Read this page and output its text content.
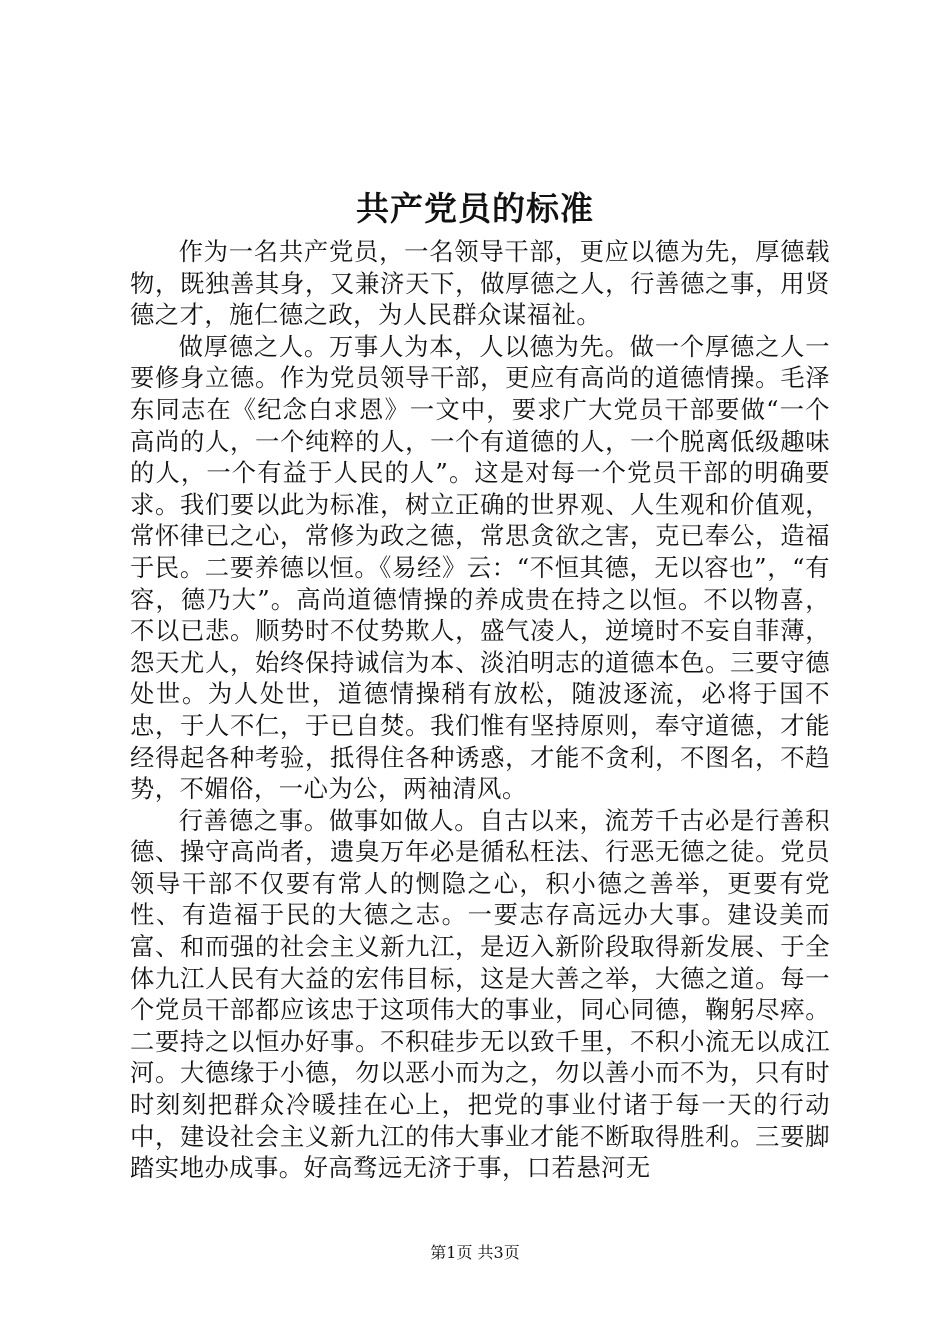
共产党员的标准

作为一名共产党员，一名领导干部，更应以德为先，厚德载物，既独善其身，又兼济天下，做厚德之人，行善德之事，用贤德之才，施仁德之政，为人民群众谋福祉。

做厚德之人。万事人为本，人以德为先。做一个厚德之人一要修身立德。作为党员领导干部，更应有高尚的道德情操。毛泽东同志在《纪念白求恩》一文中，要求广大党员干部要做“一个高尚的人，一个纯粹的人，一个有道德的人，一个脱离低级趣味的人，一个有益于人民的人”。这是对每一个党员干部的明确要求。我们要以此为标准，树立正确的世界观、人生观和价值观，常怀律已之心，常修为政之德，常思贪欲之害，克已奉公，造福于民。二要养德以恒。《易经》云：“不恒其德，无以容也”，“有容，德乃大”。高尚道德情操的养成贵在持之以恒。不以物喜，不以已悲。顺势时不仗势欺人，盛气凌人，逆境时不妄自菲薄，怨天尤人，始终保持诚信为本、淡泊明志的道德本色。三要守德处世。为人处世，道德情操稍有放松，随波逐流，必将于国不忠，于人不仁，于已自焚。我们惟有坚持原则，奉守道德，才能经得起各种考验，抵得住各种诱惑，才能不贪利，不图名，不趋势，不媚俗，一心为公，两袖清风。

行善德之事。做事如做人。自古以来，流芳千古必是行善积德、操守高尚者，遗臭万年必是循私枉法、行恶无德之徒。党员领导干部不仅要有常人的恻隐之心，积小德之善举，更要有党性、有造福于民的大德之志。一要志存高远办大事。建设美而富、和而强的社会主义新九江，是迈入新阶段取得新发展、于全体九江人民有大益的宏伟目标，这是大善之举，大德之道。每一个党员干部都应该忠于这项伟大的事业，同心同德，鞠躬尽瘁。二要持之以恒办好事。不积硅步无以致千里，不积小流无以成江河。大德缘于小德，勿以恶小而为之，勿以善小而不为，只有时时刻刻把群众冷暖挂在心上，把党的事业付诸于每一天的行动中，建设社会主义新九江的伟大事业才能不断取得胜利。三要脚踏实地办成事。好高骛远无济于事，口若悬河无

第1页 共3页
